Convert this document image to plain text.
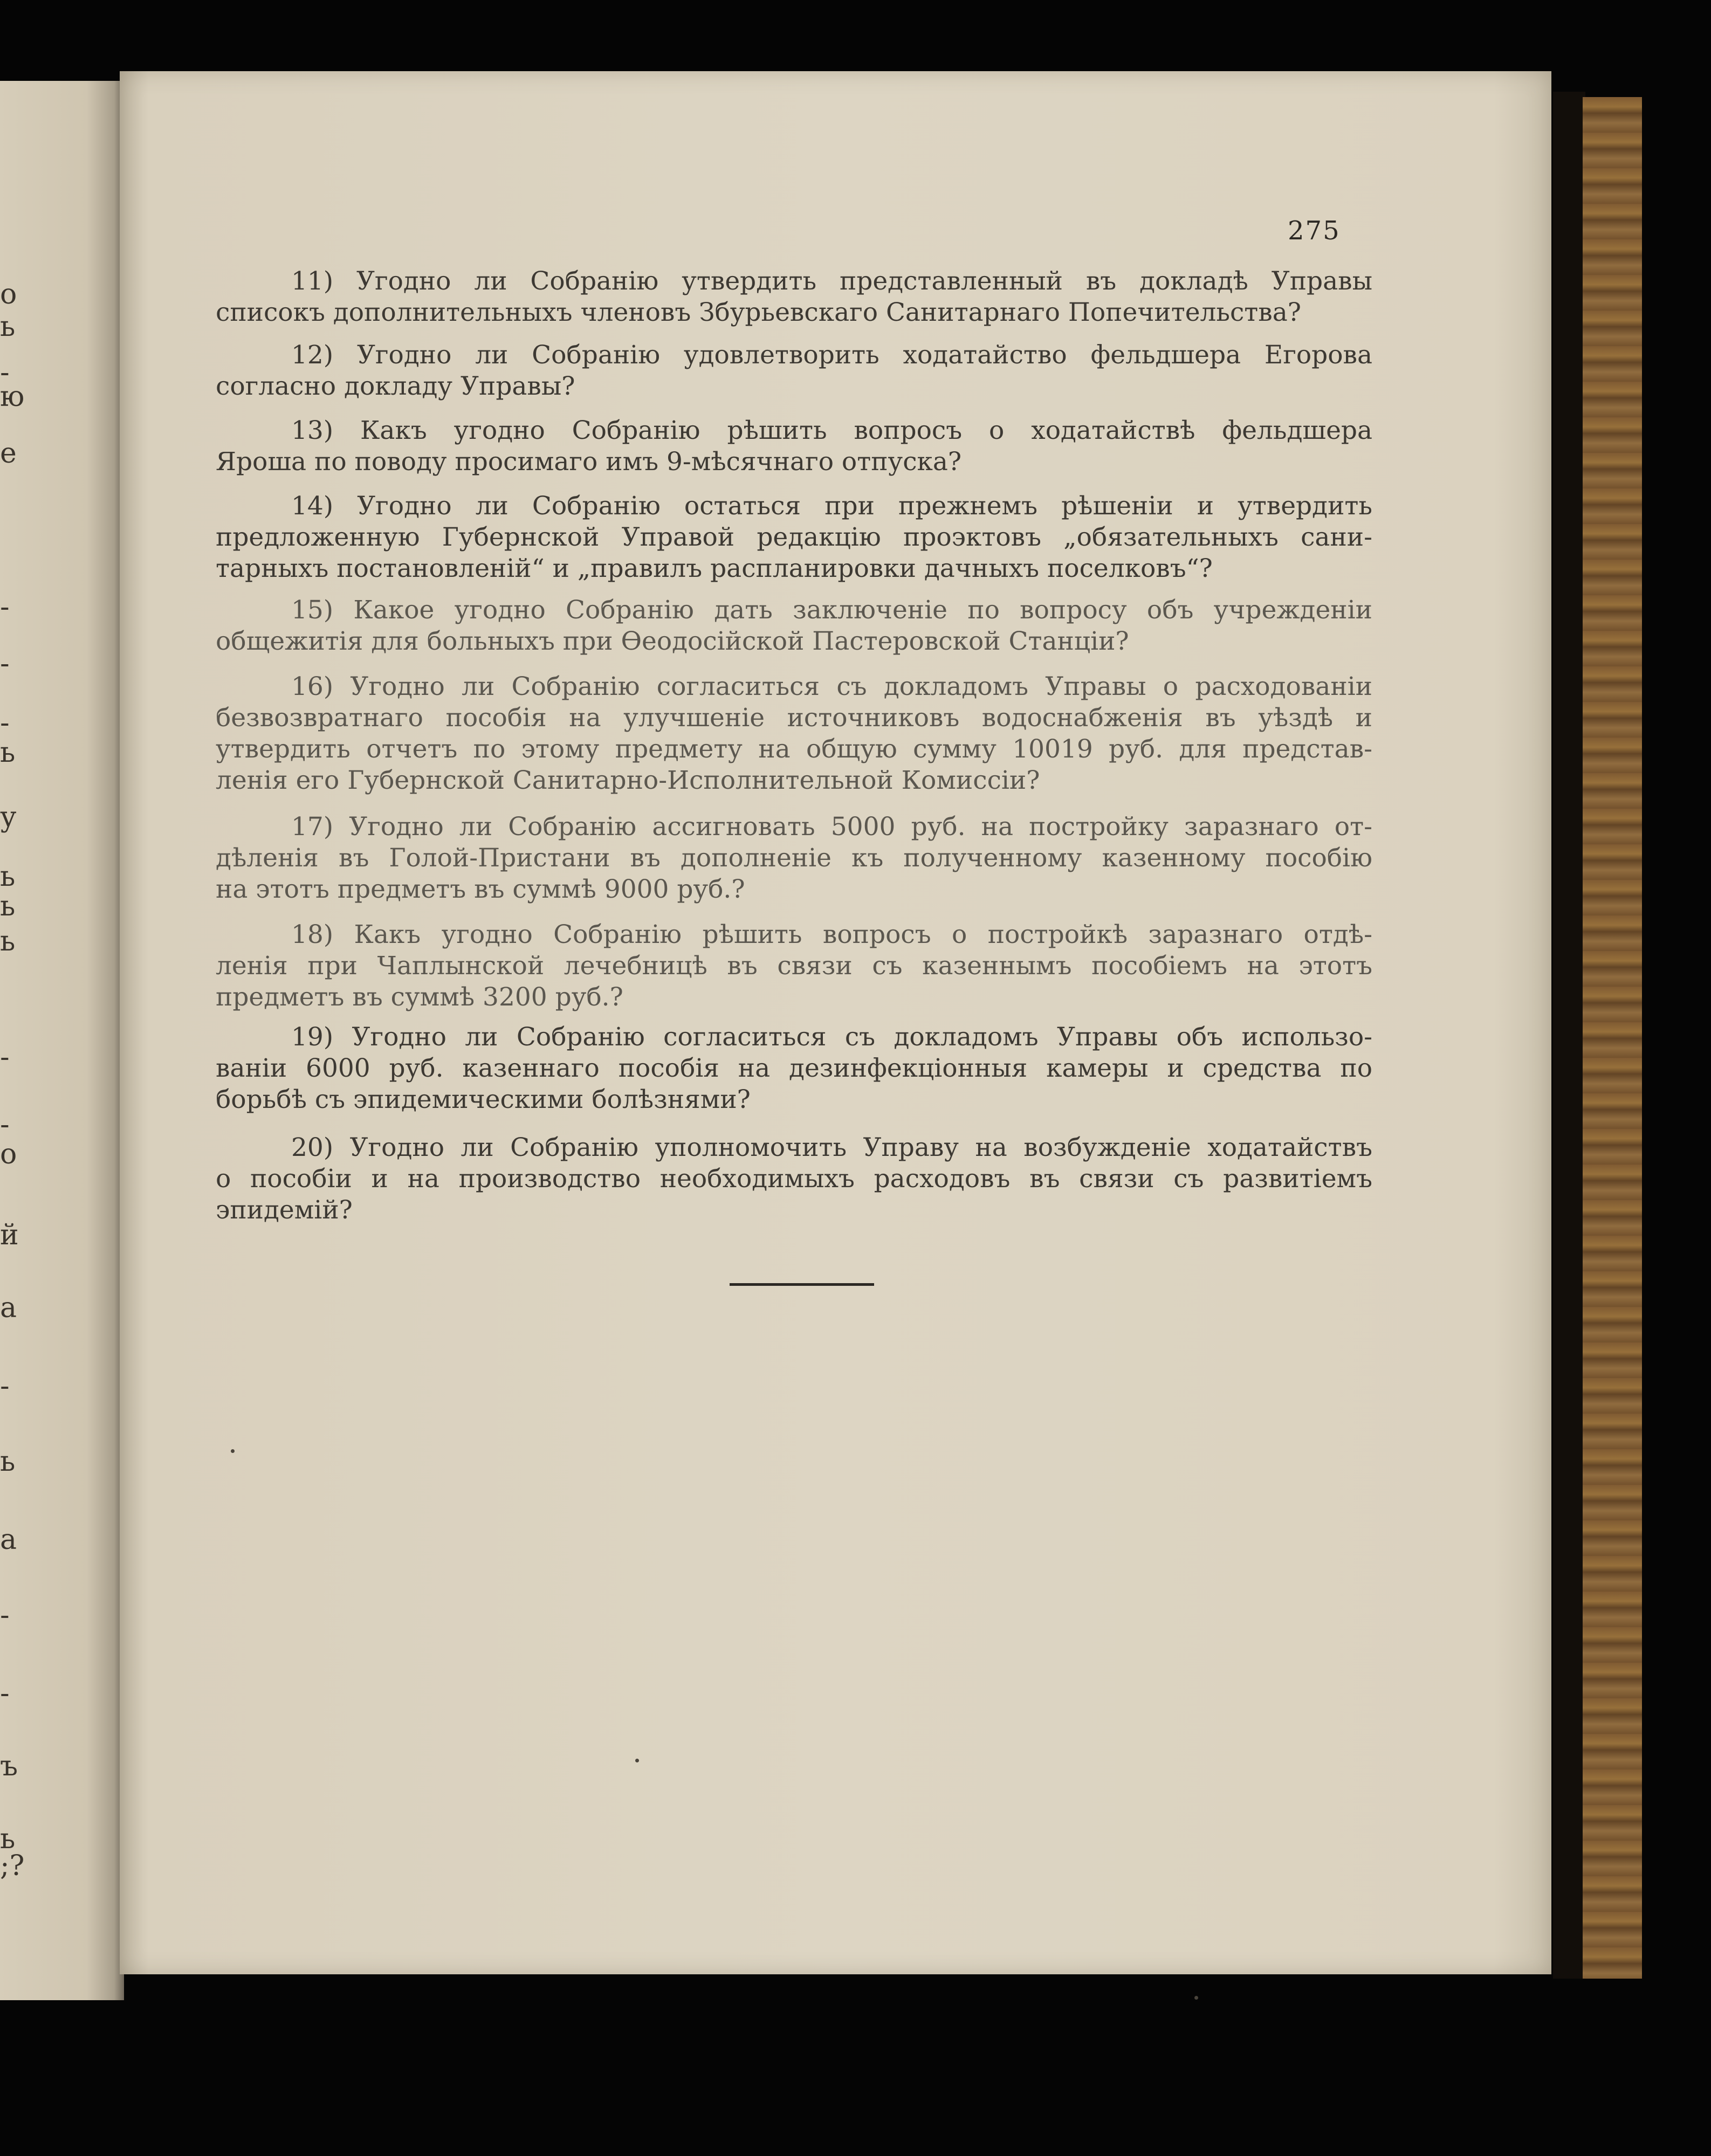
о
ь
-
ю
е
-
-
-
ь
у
ь
ь
ь
-
-
о
й
а
-
ь
а
-
-
ъ
ь
;?
275
11) Угодно ли Собранію утвердить представленный въ докладѣ Управы
списокъ дополнительныхъ членовъ Збурьевскаго Санитарнаго Попечительства?
12) Угодно ли Собранію удовлетворить ходатайство фельдшера Егорова
согласно докладу Управы?
13) Какъ угодно Собранію рѣшить вопросъ о ходатайствѣ фельдшера
Ярошa по поводу просимаго имъ 9-мѣсячнаго отпуска?
14) Угодно ли Собранію остаться при прежнемъ рѣшеніи и утвердить
предложенную Губернской Управой редакцію проэктовъ „обязательныхъ сани-
тарныхъ постановленій“ и „правилъ распланировки дачныхъ поселковъ“?
15) Какое угодно Собранію дать заключеніе по вопросу объ учрежденіи
общежитія для больныхъ при Ѳеодосійской Пастеровской Станціи?
16) Угодно ли Собранію согласиться съ докладомъ Управы о расходованіи
безвозвратнаго пособія на улучшеніе источниковъ водоснабженія въ уѣздѣ и
утвердить отчетъ по этому предмету на общую сумму 10019 руб. для представ-
ленія его Губернской Санитарно-Исполнительной Комиссіи?
17) Угодно ли Собранію ассигновать 5000 руб. на постройку заразнаго от-
дѣленія въ Голой-Пристани въ дополненіе къ полученному казенному пособію
на этотъ предметъ въ суммѣ 9000 руб.?
18) Какъ угодно Собранію рѣшить вопросъ о постройкѣ заразнаго отдѣ-
ленія при Чаплынской лечебницѣ въ связи съ казеннымъ пособіемъ на этотъ
предметъ въ суммѣ 3200 руб.?
19) Угодно ли Собранію согласиться съ докладомъ Управы объ использо-
ваніи 6000 руб. казеннаго пособія на дезинфекціонныя камеры и средства по
борьбѣ съ эпидемическими болѣзнями?
20) Угодно ли Собранію уполномочить Управу на возбужденіе ходатайствъ
о пособіи и на производство необходимыхъ расходовъ въ связи съ развитіемъ
эпидемій?
